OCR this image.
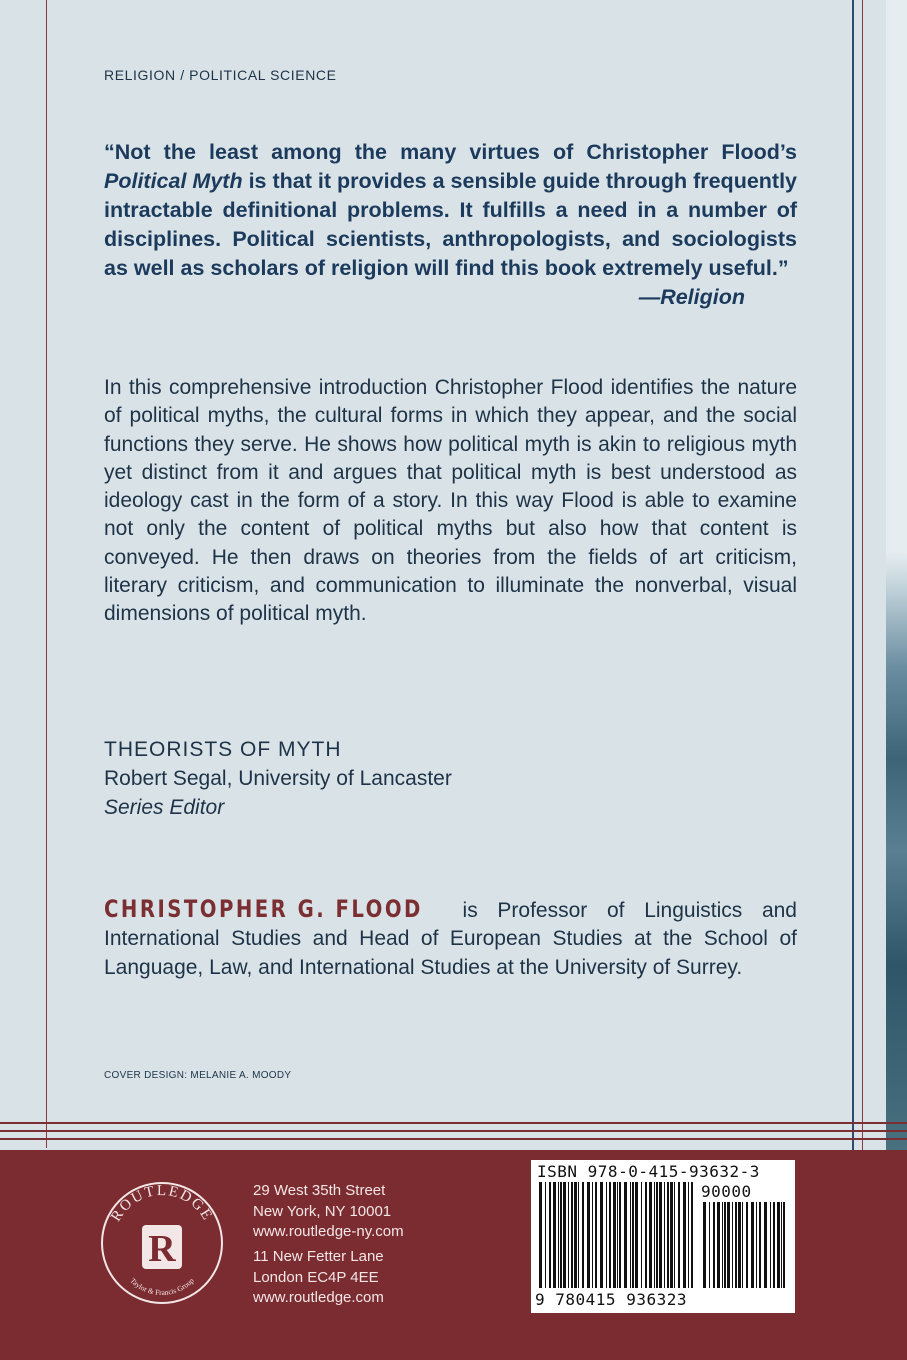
RELIGION / POLITICAL SCIENCE
“Not the least among the many virtues of Christopher Flood’s Political Myth is that it provides a sensible guide through frequently intractable definitional problems. It fulfills a need in a number of disciplines. Political scientists, anthropologists, and sociologists as well as scholars of religion will find this book extremely useful.”
—Religion
In this comprehensive introduction Christopher Flood identifies the nature of political myths, the cultural forms in which they appear, and the social functions they serve. He shows how political myth is akin to religious myth yet distinct from it and argues that political myth is best understood as ideology cast in the form of a story. In this way Flood is able to examine not only the content of political myths but also how that content is conveyed. He then draws on theories from the fields of art criticism, literary criticism, and communication to illuminate the nonverbal, visual dimensions of political myth.
THEORISTS OF MYTH
Robert Segal, University of Lancaster
Series Editor
CHRISTOPHER G. FLOOD is Professor of Linguistics and International Studies and Head of European Studies at the School of Language, Law, and International Studies at the University of Surrey.
COVER DESIGN: MELANIE A. MOODY
ROUTLEDGE
Taylor & Francis Group
R
29 West 35th Street
New York, NY 10001
www.routledge-ny.com
11 New Fetter Lane
London EC4P 4EE
www.routledge.com
ISBN 978-0-415-93632-3
90000
9 780415 936323
